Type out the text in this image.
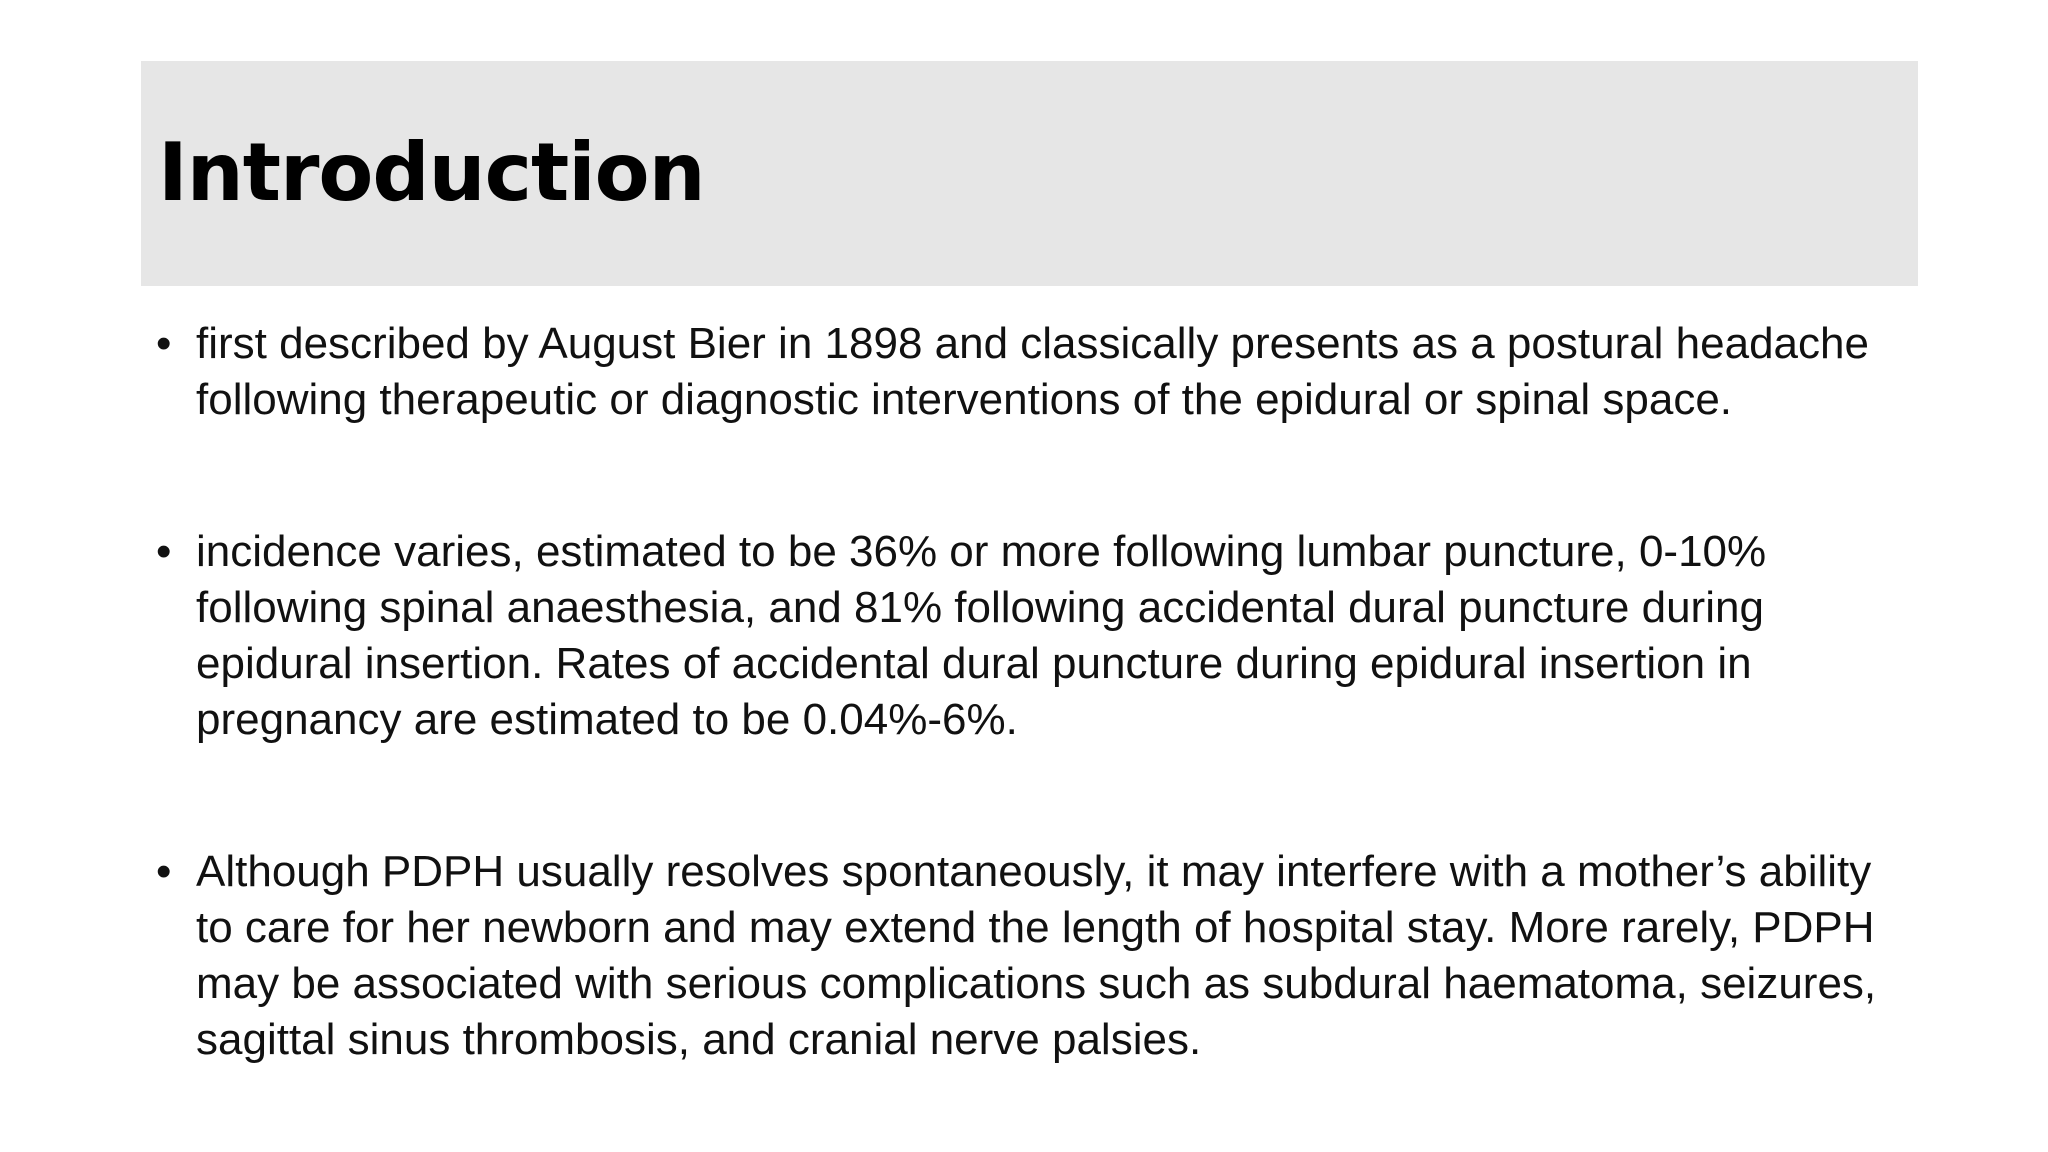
Introduction
• first described by August Bier in 1898 and classically presents as a postural headache following therapeutic or diagnostic interventions of the epidural or spinal space.
• incidence varies, estimated to be 36% or more following lumbar puncture, 0-10% following spinal anaesthesia, and 81% following accidental dural puncture during epidural insertion. Rates of accidental dural puncture during epidural insertion in pregnancy are estimated to be 0.04%-6%.
• Although PDPH usually resolves spontaneously, it may interfere with a mother’s ability to care for her newborn and may extend the length of hospital stay. More rarely, PDPH may be associated with serious complications such as subdural haematoma, seizures, sagittal sinus thrombosis, and cranial nerve palsies.
